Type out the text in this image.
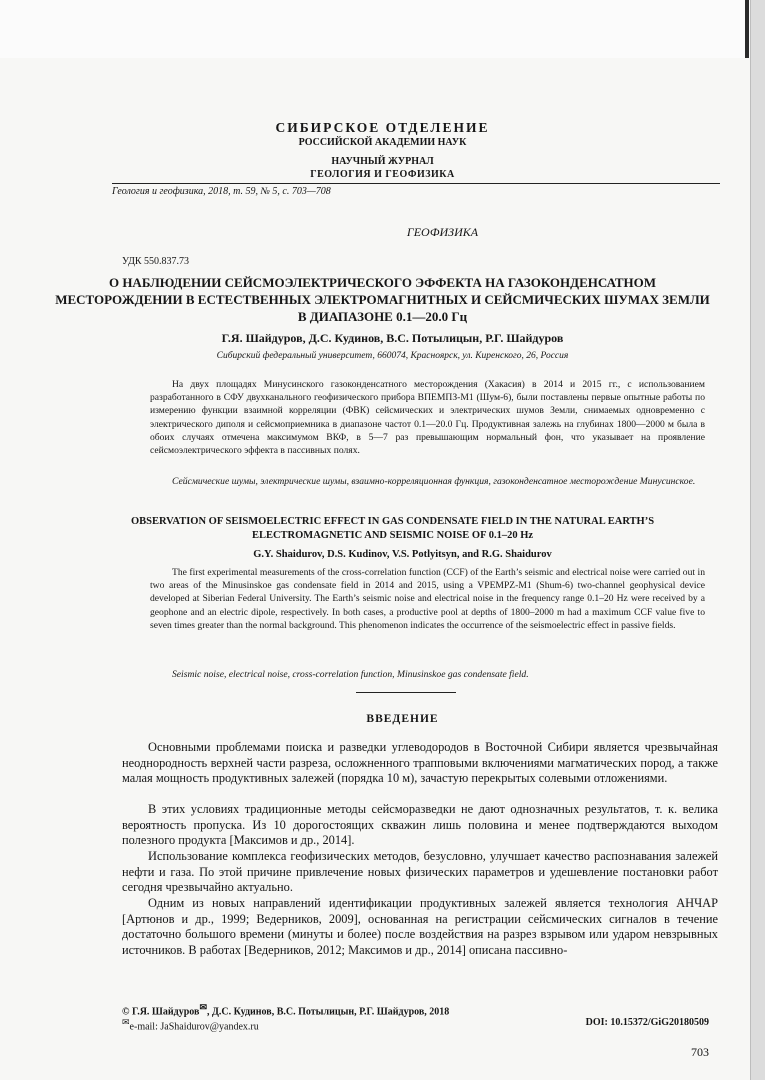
СИБИРСКОЕ ОТДЕЛЕНИЕ
РОССИЙСКОЙ АКАДЕМИИ НАУК
НАУЧНЫЙ ЖУРНАЛ
ГЕОЛОГИЯ И ГЕОФИЗИКА
Геология и геофизика, 2018, т. 59, № 5, с. 703—708
ГЕОФИЗИКА
УДК 550.837.73
О НАБЛЮДЕНИИ СЕЙСМОЭЛЕКТРИЧЕСКОГО ЭФФЕКТА НА ГАЗОКОНДЕНСАТНОМ МЕСТОРОЖДЕНИИ В ЕСТЕСТВЕННЫХ ЭЛЕКТРОМАГНИТНЫХ И СЕЙСМИЧЕСКИХ ШУМАХ ЗЕМЛИ В ДИАПАЗОНЕ 0.1—20.0 Гц
Г.Я. Шайдуров, Д.С. Кудинов, В.С. Потылицын, Р.Г. Шайдуров
Сибирский федеральный университет, 660074, Красноярск, ул. Киренского, 26, Россия
На двух площадях Минусинского газоконденсатного месторождения (Хакасия) в 2014 и 2015 гг., с использованием разработанного в СФУ двухканального геофизического прибора ВПЕМПЗ-М1 (Шум-6), были поставлены первые опытные работы по измерению функции взаимной корреляции (ФВК) сейсмических и электрических шумов Земли, снимаемых одновременно с электрического диполя и сейсмоприемника в диапазоне частот 0.1—20.0 Гц. Продуктивная залежь на глубинах 1800—2000 м была в обоих случаях отмечена максимумом ВКФ, в 5—7 раз превышающим нормальный фон, что указывает на проявление сейсмоэлектрического эффекта в пассивных полях.
Сейсмические шумы, электрические шумы, взаимно-корреляционная функция, газоконденсатное месторождение Минусинское.
OBSERVATION OF SEISMOELECTRIC EFFECT IN GAS CONDENSATE FIELD IN THE NATURAL EARTH’S ELECTROMAGNETIC AND SEISMIC NOISE OF 0.1–20 Hz
G.Y. Shaidurov, D.S. Kudinov, V.S. Potlyitsyn, and R.G. Shaidurov
The first experimental measurements of the cross-correlation function (CCF) of the Earth’s seismic and electrical noise were carried out in two areas of the Minusinskoe gas condensate field in 2014 and 2015, using a VPEMPZ-M1 (Shum-6) two-channel geophysical device developed at Siberian Federal University. The Earth’s seismic noise and electrical noise in the frequency range 0.1–20 Hz were received by a geophone and an electric dipole, respectively. In both cases, a productive pool at depths of 1800–2000 m had a maximum CCF value five to seven times greater than the normal background. This phenomenon indicates the occurrence of the seismoelectric effect in passive fields.
Seismic noise, electrical noise, cross-correlation function, Minusinskoe gas condensate field.
ВВЕДЕНИЕ

Основными проблемами поиска и разведки углеводородов в Восточной Сибири является чрезвычайная неоднородность верхней части разреза, осложненного трапповыми включениями магматических пород, а также малая мощность продуктивных залежей (порядка 10 м), зачастую перекрытых солевыми отложениями.

В этих условиях традиционные методы сейсморазведки не дают однозначных результатов, т. к. велика вероятность пропуска. Из 10 дорогостоящих скважин лишь половина и менее подтверждаются выходом полезного продукта [Максимов и др., 2014].

Использование комплекса геофизических методов, безусловно, улучшает качество распознавания залежей нефти и газа. По этой причине привлечение новых физических параметров и удешевление постановки работ сегодня чрезвычайно актуально.

Одним из новых направлений идентификации продуктивных залежей является технология АНЧАР [Артюнов и др., 1999; Ведерников, 2009], основанная на регистрации сейсмических сигналов в течение достаточно большого времени (минуты и более) после воздействия на разрез взрывом или ударом невзрывных источников. В работах [Ведерников, 2012; Максимов и др., 2014] описана пассивно-

© Г.Я. Шайдуров✉, Д.С. Кудинов, В.С. Потылицын, Р.Г. Шайдуров, 2018
✉e-mail: JaShaidurov@yandex.ru	DOI: 10.15372/GiG20180509
703
